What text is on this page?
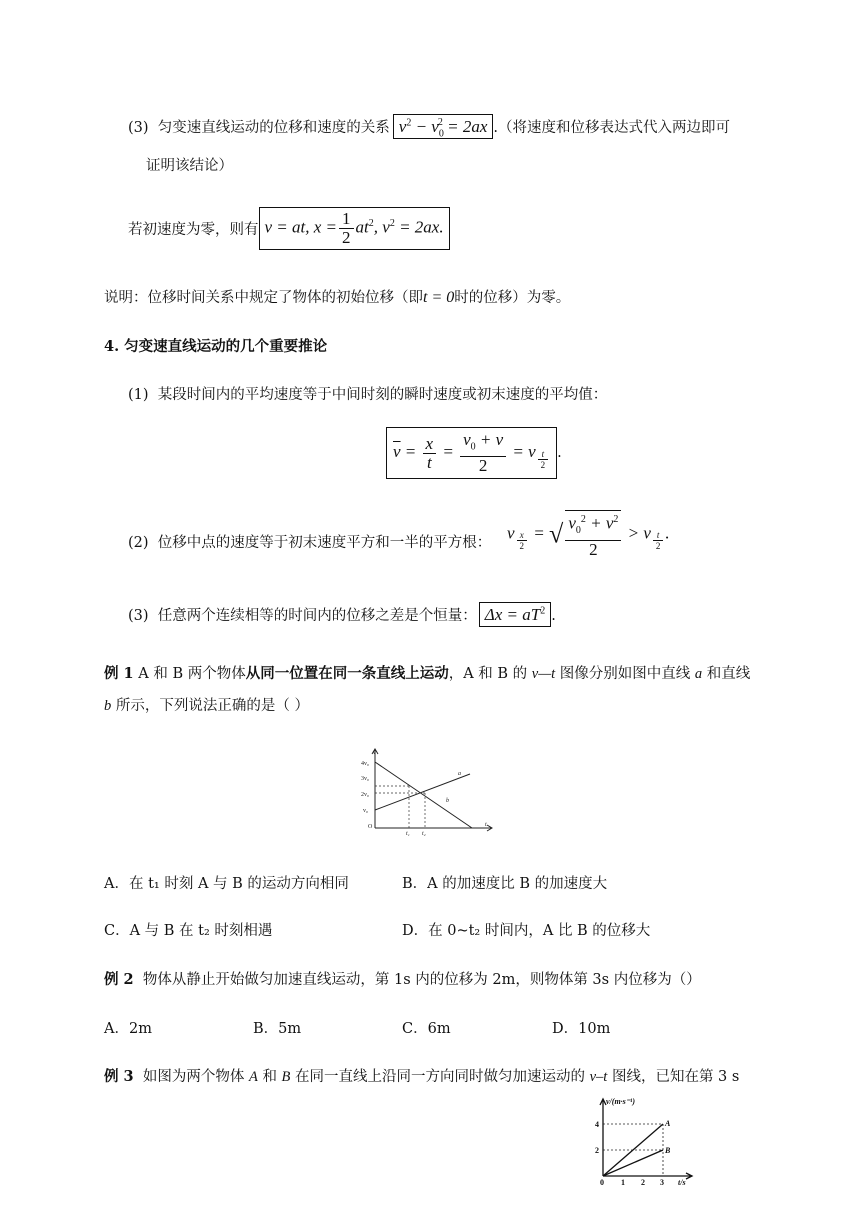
(3) 匀变速直线运动的位移和速度的关系 $v^2 - v_0^2 = 2ax$ .（将速度和位移表达式代入两边即可
证明该结论）
若初速度为零，则有 v = at, $x = \frac{1}{2} at^2$, $v^2 = 2ax$.
说明：位移时间关系中规定了物体的初始位移（即t = 0时的位移）为零。
4. 匀变速直线运动的几个重要推论
(1) 某段时间内的平均速度等于中间时刻的瞬时速度或初末速度的平均值：
$\overline{v} = \frac{x}{t} = \frac{v_0 + v}{2} = v$ $_{\frac{t}{2}}$ .
(2) 位移中点的速度等于初末速度平方和一半的平方根：
v $_{\frac{x}{2}}$ = √ $\frac{v_0^2 + v^2}{2} > v$ $_{\frac{t}{2}}$ .
(3) 任意两个连续相等的时间内的位移之差是个恒量： $\Delta x = aT^2$ .
例 1 A 和 B 两个物体从同一位置在同一条直线上运动，A 和 B 的 v—t 图像分别如图中直线 a 和直线
b 所示，下列说法正确的是（ ）
v
4v₀
3v₀
2v₀
v₀
O
t₁ t₂
t
a
b
A．在 t₁ 时刻 A 与 B 的运动方向相同	B．A 的加速度比 B 的加速度大
C．A 与 B 在 t₂ 时刻相遇	D．在 0~t₂ 时间内，A 比 B 的位移大
例 2 物体从静止开始做匀加速直线运动，第 1s 内的位移为 2m，则物体第 3s 内位移为（）
A．2m	B．5m	C．6m	D．10m
例 3 如图为两个物体 A 和 B 在同一直线上沿同一方向同时做匀加速运动的 v–t 图线，已知在第 3 s
v/(m·s⁻¹)
4
2
0 1 2 3 t/s
A
B
